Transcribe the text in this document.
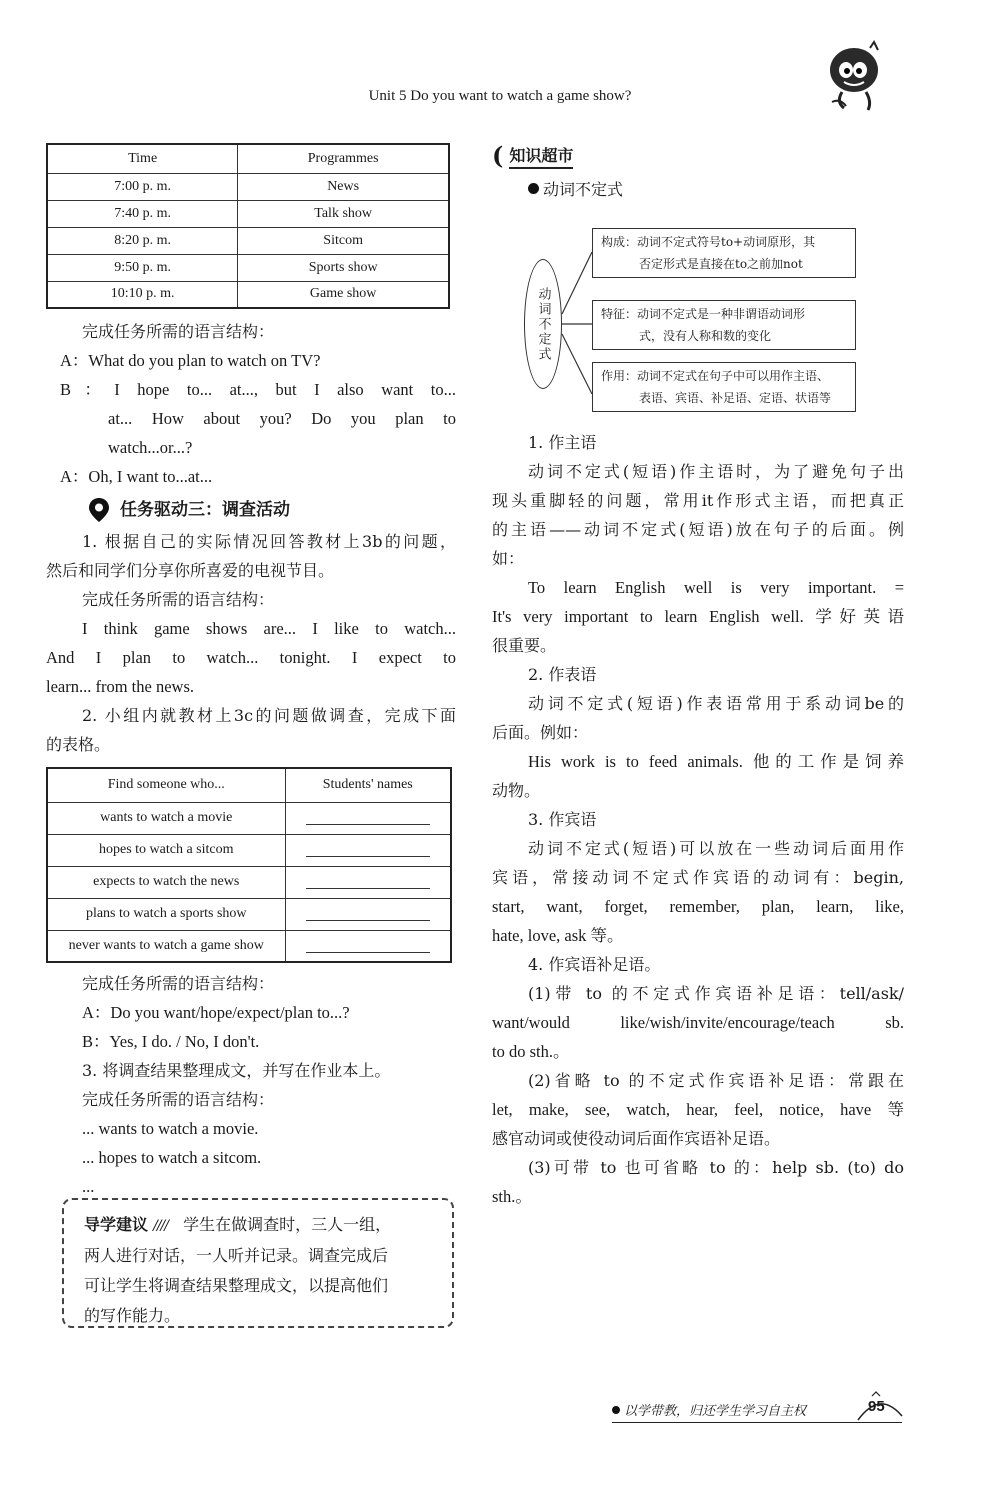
Unit 5 Do you want to watch a game show?
Time	Programmes
7:00 p. m.	News
7:40 p. m.	Talk show
8:20 p. m.	Sitcom
9:50 p. m.	Sports show
10:10 p. m.	Game show

完成任务所需的语言结构：

A：What do you plan to watch on TV?

B：I hope to... at..., but I also want to...

at... How about you? Do you plan to

watch...or...?

A：Oh, I want to...at...

任务驱动三：调查活动

1. 根据自己的实际情况回答教材上3b的问题，

然后和同学们分享你所喜爱的电视节目。

完成任务所需的语言结构：

I think game shows are... I like to watch...

And I plan to watch... tonight. I expect to

learn... from the news.

2. 小组内就教材上3c的问题做调查，完成下面

的表格。

Find someone who...	Students' names
wants to watch a movie	

hopes to watch a sitcom	

expects to watch the news	

plans to watch a sports show	

never wants to watch a game show	

完成任务所需的语言结构：

A：Do you want/hope/expect/plan to...?

B：Yes, I do. / No, I don't.

3. 将调查结果整理成文，并写在作业本上。

完成任务所需的语言结构：

... wants to watch a movie.

... hopes to watch a sitcom.

...

导学建议 //// 学生在做调查时，三人一组，

两人进行对话，一人听并记录。调查完成后

可让学生将调查结果整理成文，以提高他们

的写作能力。

( 知识超市
动词不定式
动词不定式
构成：动词不定式符号to+动词原形，其
否定形式是直接在to之前加not
特征：动词不定式是一种非谓语动词形
式，没有人称和数的变化
作用：动词不定式在句子中可以用作主语、
表语、宾语、补足语、定语、状语等

1. 作主语

动词不定式(短语)作主语时，为了避免句子出

现头重脚轻的问题，常用it作形式主语，而把真正

的主语——动词不定式(短语)放在句子的后面。例

如：

To learn English well is very important. =

It's very important to learn English well. 学好英语

很重要。

2. 作表语

动词不定式(短语)作表语常用于系动词be的

后面。例如：

His work is to feed animals. 他的工作是饲养

动物。

3. 作宾语

动词不定式(短语)可以放在一些动词后面用作

宾语，常接动词不定式作宾语的动词有：begin,

start, want, forget, remember, plan, learn, like,

hate, love, ask 等。

4. 作宾语补足语。

(1)带 to 的不定式作宾语补足语：tell/ask/

want/would like/wish/invite/encourage/teach sb.

to do sth.。

(2)省略 to 的不定式作宾语补足语：常跟在

let, make, see, watch, hear, feel, notice, have 等

感官动词或使役动词后面作宾语补足语。

(3)可带 to 也可省略 to 的：help sb. (to) do

sth.。

以学带教，归还学生学习自主权	95
